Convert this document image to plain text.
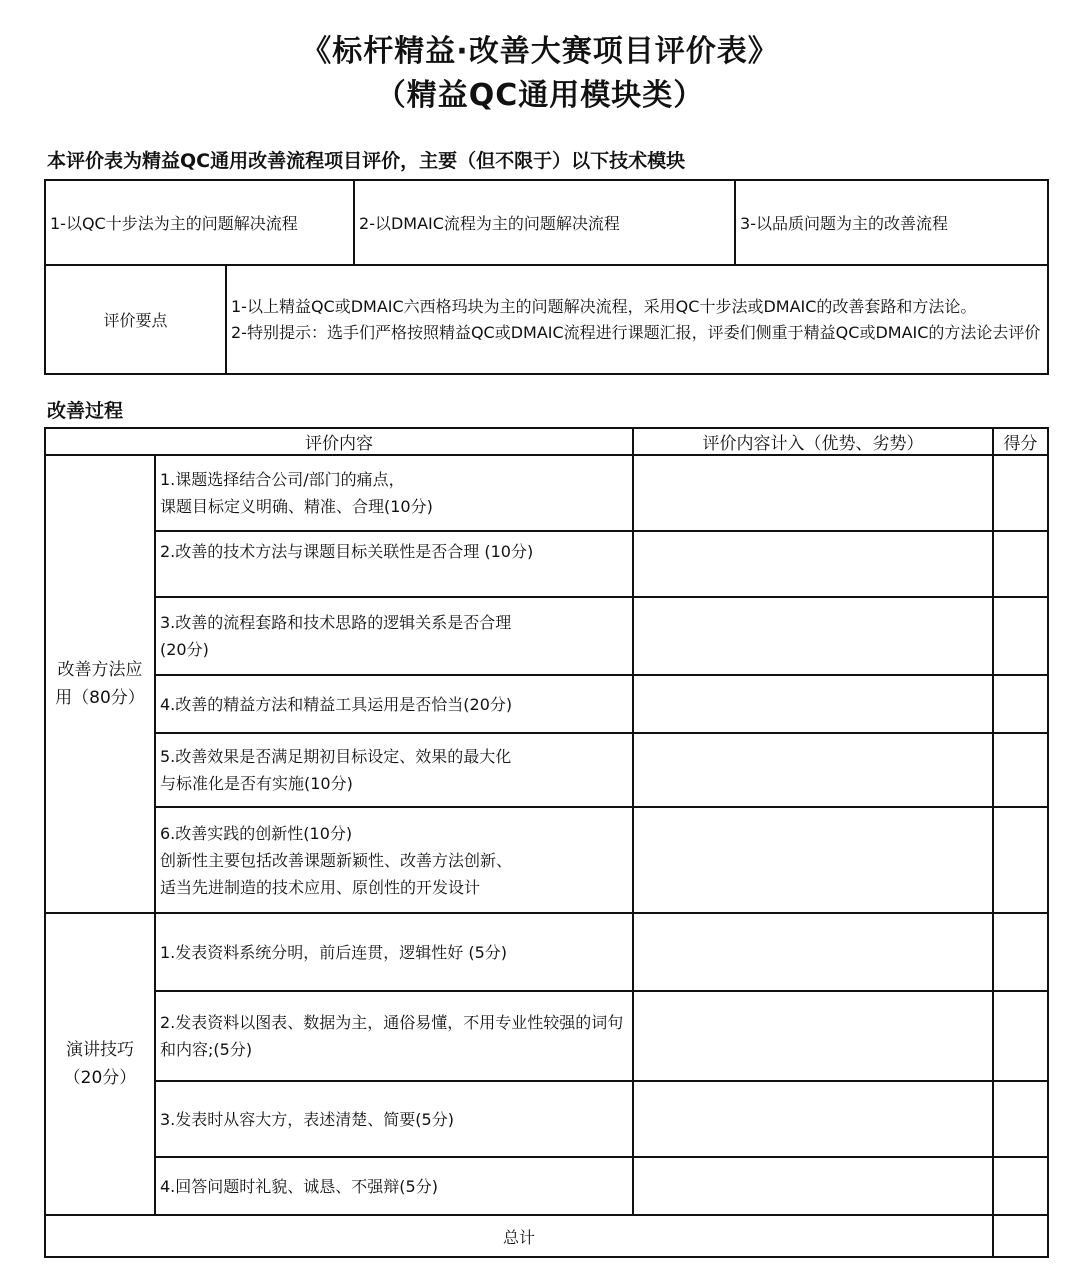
《标杆精益·改善大赛项目评价表》
（精益QC通用模块类）
本评价表为精益QC通用改善流程项目评价，主要（但不限于）以下技术模块
1-以QC十步法为主的问题解决流程		2-以DMAIC流程为主的问题解决流程	3-以品质问题为主的改善流程
评价要点	1-以上精益QC或DMAIC六西格玛块为主的问题解决流程，采用QC十步法或DMAIC的改善套路和方法论。
2-特别提示：选手们严格按照精益QC或DMAIC流程进行课题汇报，评委们侧重于精益QC或DMAIC的方法论去评价		
改善过程
评价内容		评价内容计入（优势、劣势）	得分
改善方法应用（80分）	1.课题选择结合公司/部门的痛点，
课题目标定义明确、精准、合理(10分)		
	2.改善的技术方法与课题目标关联性是否合理 (10分)		
	3.改善的流程套路和技术思路的逻辑关系是否合理
(20分)		
	4.改善的精益方法和精益工具运用是否恰当(20分)		
	5.改善效果是否满足期初目标设定、效果的最大化
与标准化是否有实施(10分)		
	6.改善实践的创新性(10分)
创新性主要包括改善课题新颖性、改善方法创新、
适当先进制造的技术应用、原创性的开发设计		
演讲技巧（20分）	1.发表资料系统分明，前后连贯，逻辑性好 (5分)		
	2.发表资料以图表、数据为主，通俗易懂，不用专业性较强的词句和内容;(5分)		
	3.发表时从容大方，表述清楚、简要(5分)		
	4.回答问题时礼貌、诚恳、不强辩(5分)		
总计			
